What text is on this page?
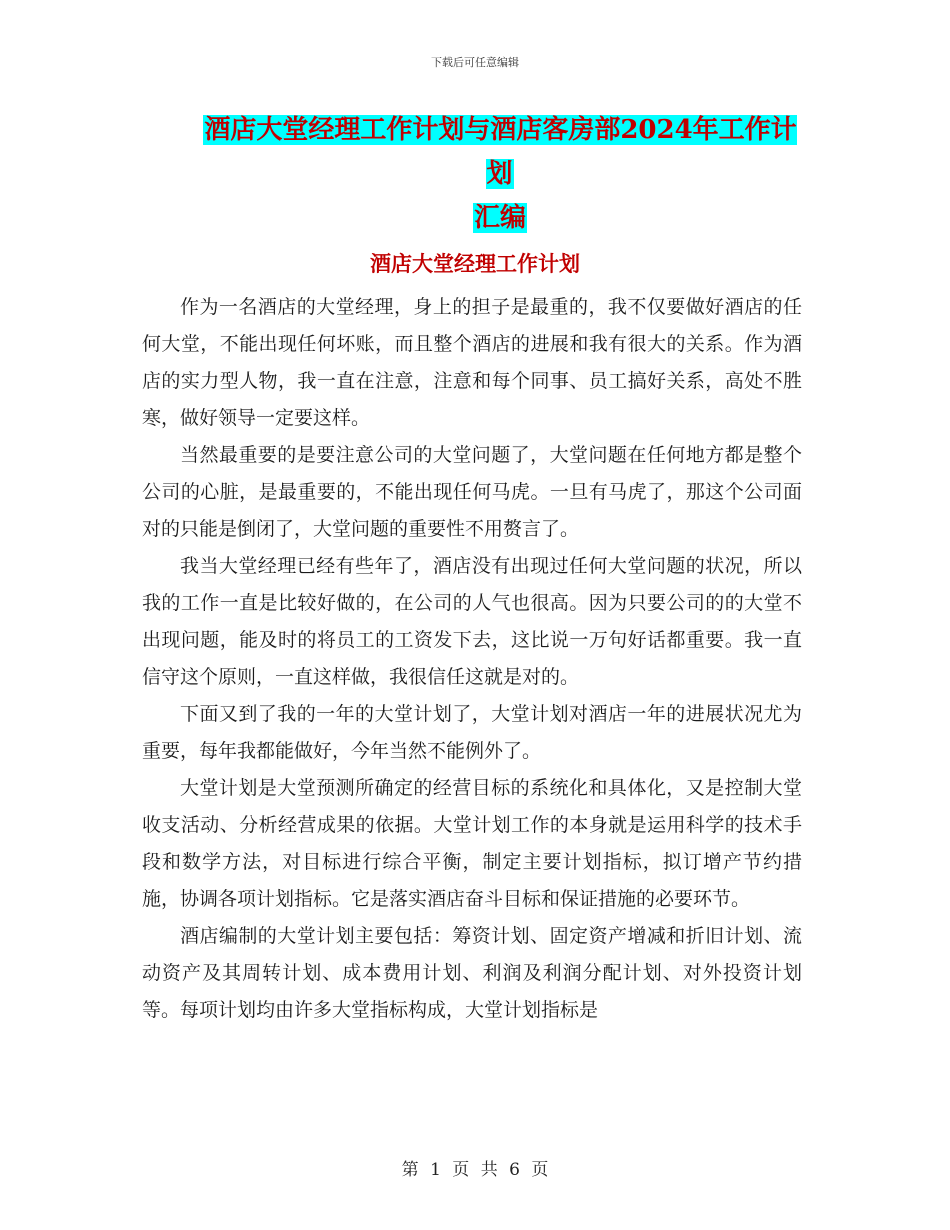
下载后可任意编辑
酒店大堂经理工作计划与酒店客房部2024年工作计划
汇编
酒店大堂经理工作计划

作为一名酒店的大堂经理，身上的担子是最重的，我不仅要做好酒店的任何大堂，不能出现任何坏账，而且整个酒店的进展和我有很大的关系。作为酒店的实力型人物，我一直在注意，注意和每个同事、员工搞好关系，高处不胜寒，做好领导一定要这样。

当然最重要的是要注意公司的大堂问题了，大堂问题在任何地方都是整个公司的心脏，是最重要的，不能出现任何马虎。一旦有马虎了，那这个公司面对的只能是倒闭了，大堂问题的重要性不用赘言了。

我当大堂经理已经有些年了，酒店没有出现过任何大堂问题的状况，所以我的工作一直是比较好做的，在公司的人气也很高。因为只要公司的的大堂不出现问题，能及时的将员工的工资发下去，这比说一万句好话都重要。我一直信守这个原则，一直这样做，我很信任这就是对的。

下面又到了我的一年的大堂计划了，大堂计划对酒店一年的进展状况尤为重要，每年我都能做好，今年当然不能例外了。

大堂计划是大堂预测所确定的经营目标的系统化和具体化，又是控制大堂收支活动、分析经营成果的依据。大堂计划工作的本身就是运用科学的技术手段和数学方法，对目标进行综合平衡，制定主要计划指标，拟订增产节约措施，协调各项计划指标。它是落实酒店奋斗目标和保证措施的必要环节。

酒店编制的大堂计划主要包括：筹资计划、固定资产增减和折旧计划、流动资产及其周转计划、成本费用计划、利润及利润分配计划、对外投资计划等。每项计划均由许多大堂指标构成，大堂计划指标是

第 1 页 共 6 页
